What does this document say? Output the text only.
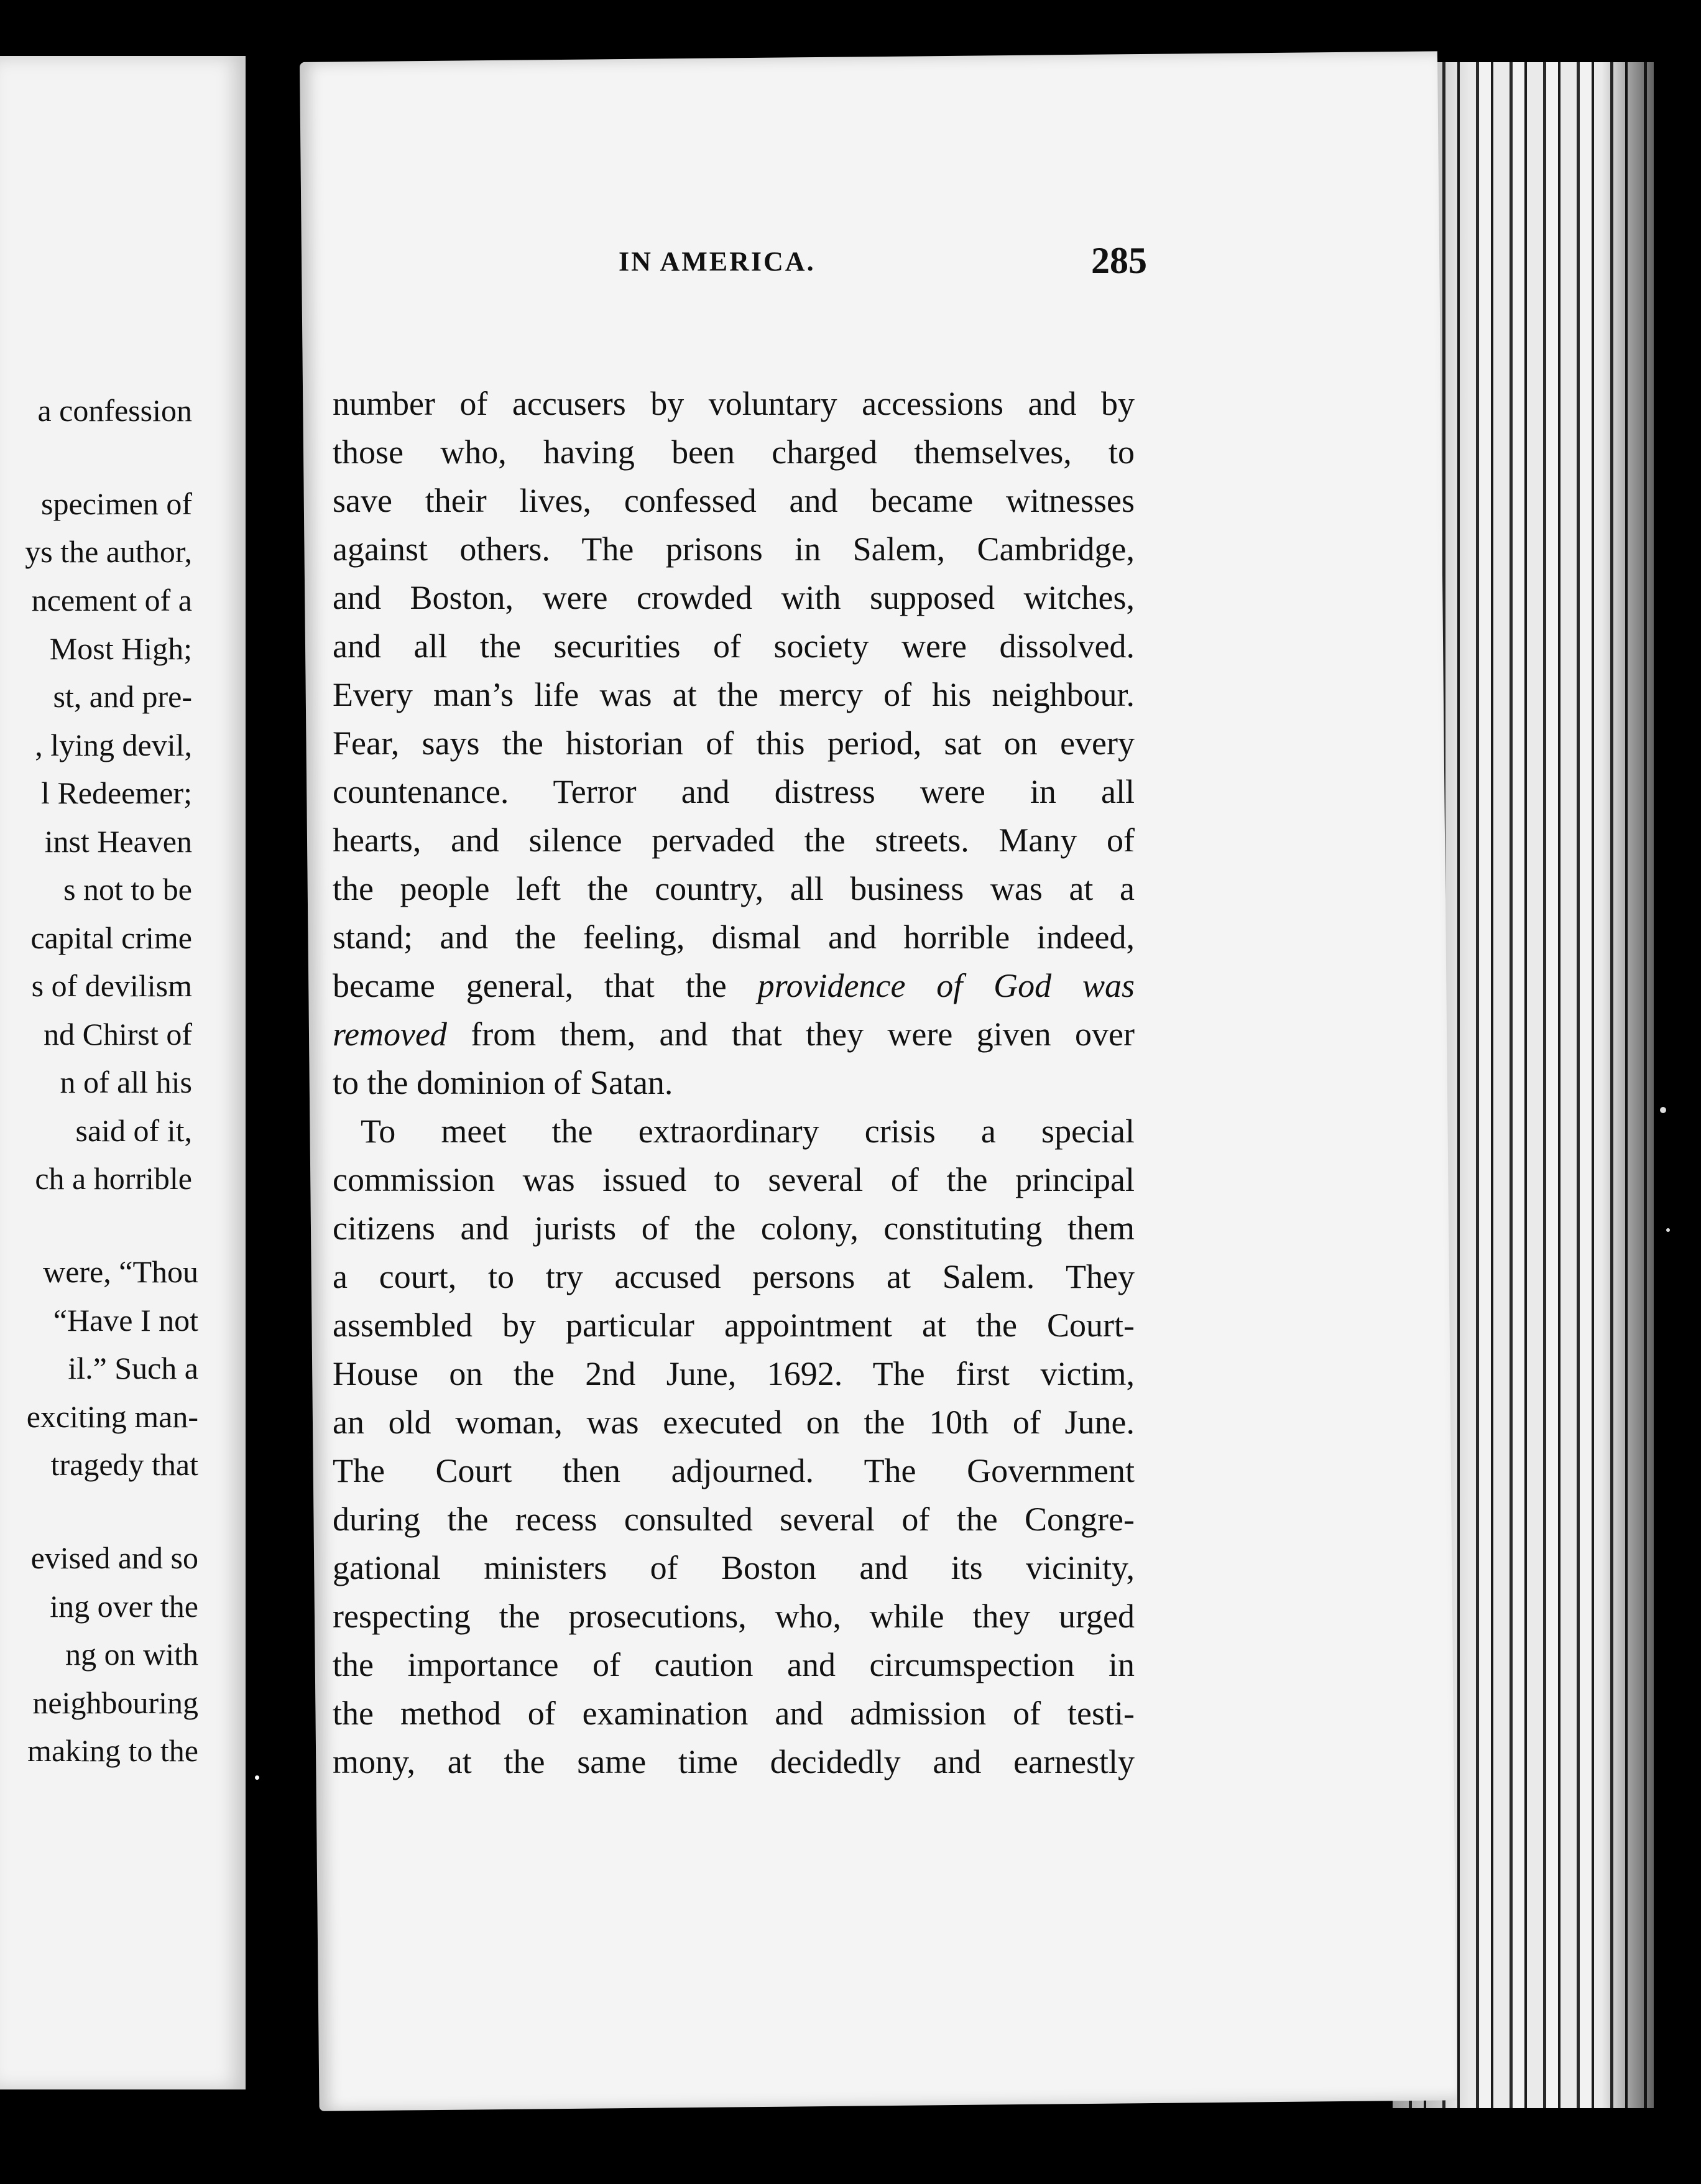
a confession
specimen of
ys the author,
ncement of a
Most High;
st, and pre-
, lying devil,
l Redeemer;
inst Heaven
s not to be
capital crime
s of devilism
nd Chirst of
n of all his
said of it,
ch a horrible
were, “Thou
“Have I not
il.” Such a
exciting man-
tragedy that
evised and so
ing over the
ng on with
neighbouring
making to the
IN AMERICA.	285
number of accusers by voluntary accessions and by
those who, having been charged themselves, to
save their lives, confessed and became witnesses
against others. The prisons in Salem, Cambridge,
and Boston, were crowded with supposed witches,
and all the securities of society were dissolved.
Every man’s life was at the mercy of his neighbour.
Fear, says the historian of this period, sat on every
countenance. Terror and distress were in all
hearts, and silence pervaded the streets. Many of
the people left the country, all business was at a
stand; and the feeling, dismal and horrible indeed,
became general, that the providence of God was
removed from them, and that they were given over
to the dominion of Satan.
To meet the extraordinary crisis a special
commission was issued to several of the principal
citizens and jurists of the colony, constituting them
a court, to try accused persons at Salem. They
assembled by particular appointment at the Court-
House on the 2nd June, 1692. The first victim,
an old woman, was executed on the 10th of June.
The Court then adjourned. The Government
during the recess consulted several of the Congre-
gational ministers of Boston and its vicinity,
respecting the prosecutions, who, while they urged
the importance of caution and circumspection in
the method of examination and admission of testi-
mony, at the same time decidedly and earnestly
